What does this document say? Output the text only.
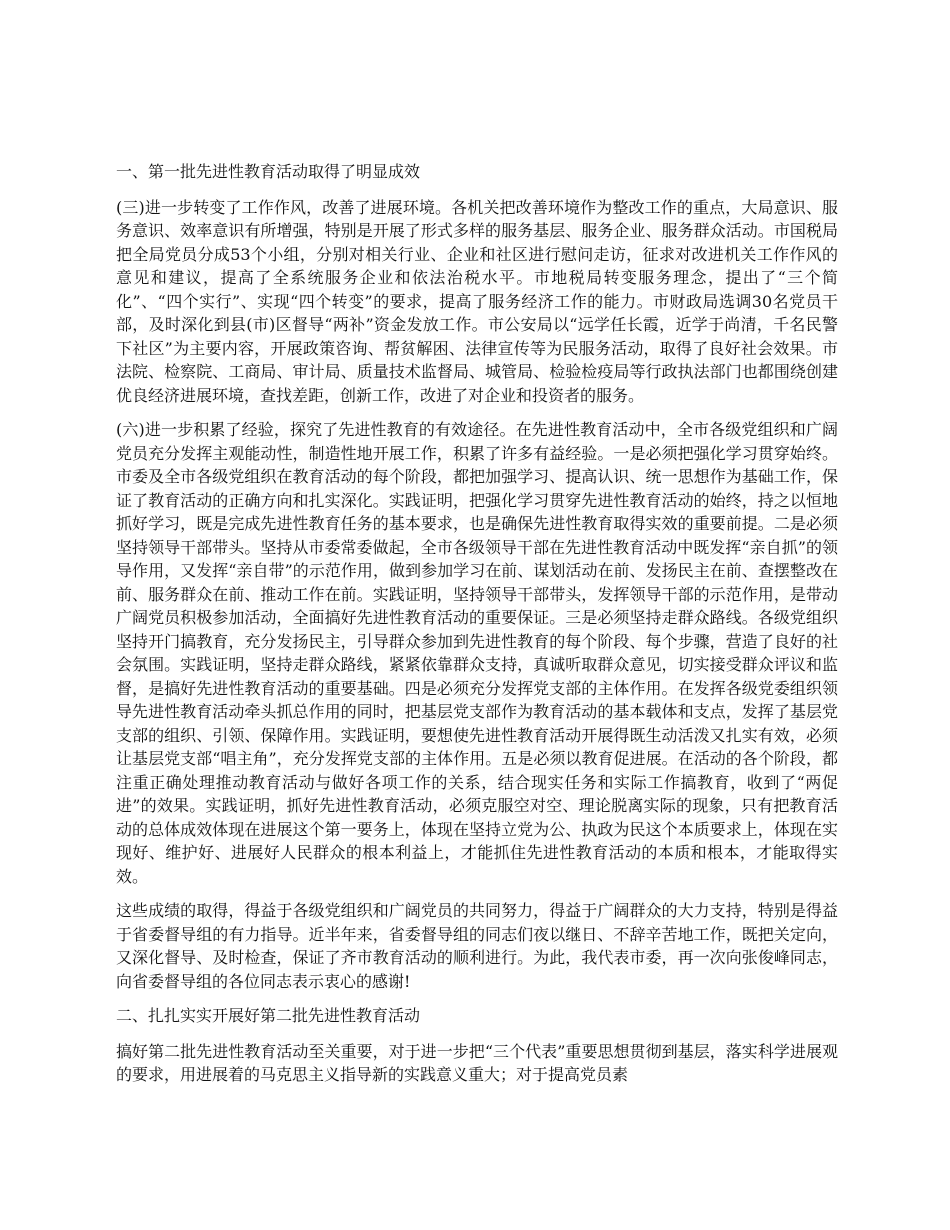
一、第一批先进性教育活动取得了明显成效

(三)进一步转变了工作作风，改善了进展环境。各机关把改善环境作为整改工作的重点，大局意识、服务意识、效率意识有所增强，特别是开展了形式多样的服务基层、服务企业、服务群众活动。市国税局把全局党员分成53个小组，分别对相关行业、企业和社区进行慰问走访，征求对改进机关工作作风的意见和建议，提高了全系统服务企业和依法治税水平。市地税局转变服务理念，提出了“三个简化”、“四个实行”、实现“四个转变”的要求，提高了服务经济工作的能力。市财政局选调30名党员干部，及时深化到县(市)区督导“两补”资金发放工作。市公安局以“远学任长霞，近学于尚清，千名民警下社区”为主要内容，开展政策咨询、帮贫解困、法律宣传等为民服务活动，取得了良好社会效果。市法院、检察院、工商局、审计局、质量技术监督局、城管局、检验检疫局等行政执法部门也都围绕创建优良经济进展环境，查找差距，创新工作，改进了对企业和投资者的服务。

(六)进一步积累了经验，探究了先进性教育的有效途径。在先进性教育活动中，全市各级党组织和广阔党员充分发挥主观能动性，制造性地开展工作，积累了许多有益经验。一是必须把强化学习贯穿始终。市委及全市各级党组织在教育活动的每个阶段，都把加强学习、提高认识、统一思想作为基础工作，保证了教育活动的正确方向和扎实深化。实践证明，把强化学习贯穿先进性教育活动的始终，持之以恒地抓好学习，既是完成先进性教育任务的基本要求，也是确保先进性教育取得实效的重要前提。二是必须坚持领导干部带头。坚持从市委常委做起，全市各级领导干部在先进性教育活动中既发挥“亲自抓”的领导作用，又发挥“亲自带”的示范作用，做到参加学习在前、谋划活动在前、发扬民主在前、查摆整改在前、服务群众在前、推动工作在前。实践证明，坚持领导干部带头，发挥领导干部的示范作用，是带动广阔党员积极参加活动，全面搞好先进性教育活动的重要保证。三是必须坚持走群众路线。各级党组织坚持开门搞教育，充分发扬民主，引导群众参加到先进性教育的每个阶段、每个步骤，营造了良好的社会氛围。实践证明，坚持走群众路线，紧紧依靠群众支持，真诚听取群众意见，切实接受群众评议和监督，是搞好先进性教育活动的重要基础。四是必须充分发挥党支部的主体作用。在发挥各级党委组织领导先进性教育活动牵头抓总作用的同时，把基层党支部作为教育活动的基本载体和支点，发挥了基层党支部的组织、引领、保障作用。实践证明，要想使先进性教育活动开展得既生动活泼又扎实有效，必须让基层党支部“唱主角”，充分发挥党支部的主体作用。五是必须以教育促进展。在活动的各个阶段，都注重正确处理推动教育活动与做好各项工作的关系，结合现实任务和实际工作搞教育，收到了“两促进”的效果。实践证明，抓好先进性教育活动，必须克服空对空、理论脱离实际的现象，只有把教育活动的总体成效体现在进展这个第一要务上，体现在坚持立党为公、执政为民这个本质要求上，体现在实现好、维护好、进展好人民群众的根本利益上，才能抓住先进性教育活动的本质和根本，才能取得实效。

这些成绩的取得，得益于各级党组织和广阔党员的共同努力，得益于广阔群众的大力支持，特别是得益于省委督导组的有力指导。近半年来，省委督导组的同志们夜以继日、不辞辛苦地工作，既把关定向，又深化督导、及时检查，保证了齐市教育活动的顺利进行。为此，我代表市委，再一次向张俊峰同志，向省委督导组的各位同志表示衷心的感谢!

二、扎扎实实开展好第二批先进性教育活动

搞好第二批先进性教育活动至关重要，对于进一步把“三个代表”重要思想贯彻到基层，落实科学进展观的要求，用进展着的马克思主义指导新的实践意义重大；对于提高党员素
